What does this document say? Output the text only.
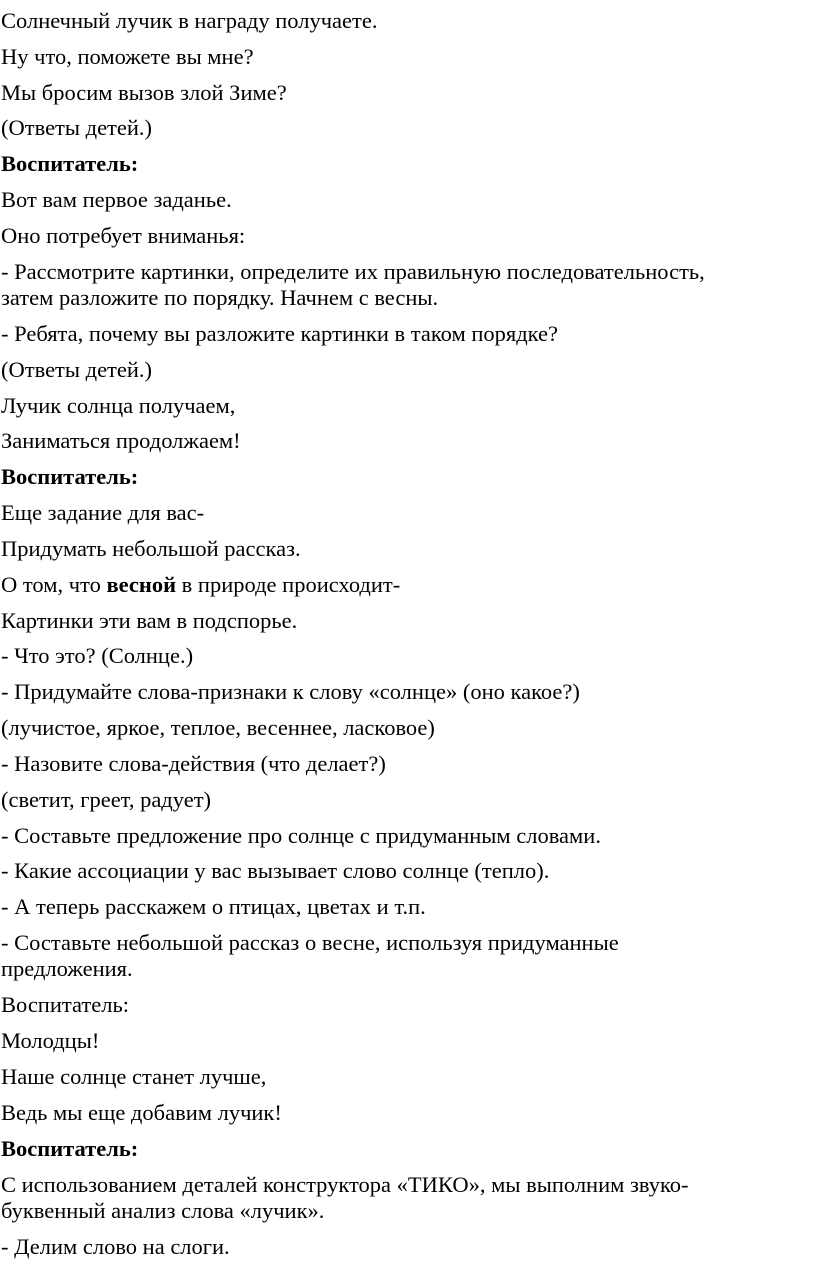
Солнечный лучик в награду получаете.

Ну что, поможете вы мне?

Мы бросим вызов злой Зиме?

(Ответы детей.)

Воспитатель:

Вот вам первое заданье.

Оно потребует вниманья:

- Рассмотрите картинки, определите их правильную последовательность,

затем разложите по порядку. Начнем с весны.

- Ребята, почему вы разложите картинки в таком порядке?

(Ответы детей.)

Лучик солнца получаем,

Заниматься продолжаем!

Воспитатель:

Еще задание для вас-

Придумать небольшой рассказ.

О том, что весной в природе происходит-

Картинки эти вам в подспорье.

- Что это? (Солнце.)

- Придумайте слова-признаки к слову «солнце» (оно какое?)

(лучистое, яркое, теплое, весеннее, ласковое)

- Назовите слова-действия (что делает?)

(светит, греет, радует)

- Составьте предложение про солнце с придуманным словами.

- Какие ассоциации у вас вызывает слово солнце (тепло).

- А теперь расскажем о птицах, цветах и т.п.

- Составьте небольшой рассказ о весне, используя придуманные

предложения.

Воспитатель:

Молодцы!

Наше солнце станет лучше,

Ведь мы еще добавим лучик!

Воспитатель:

С использованием деталей конструктора «ТИКО», мы выполним звуко-

буквенный анализ слова «лучик».

- Делим слово на слоги.
